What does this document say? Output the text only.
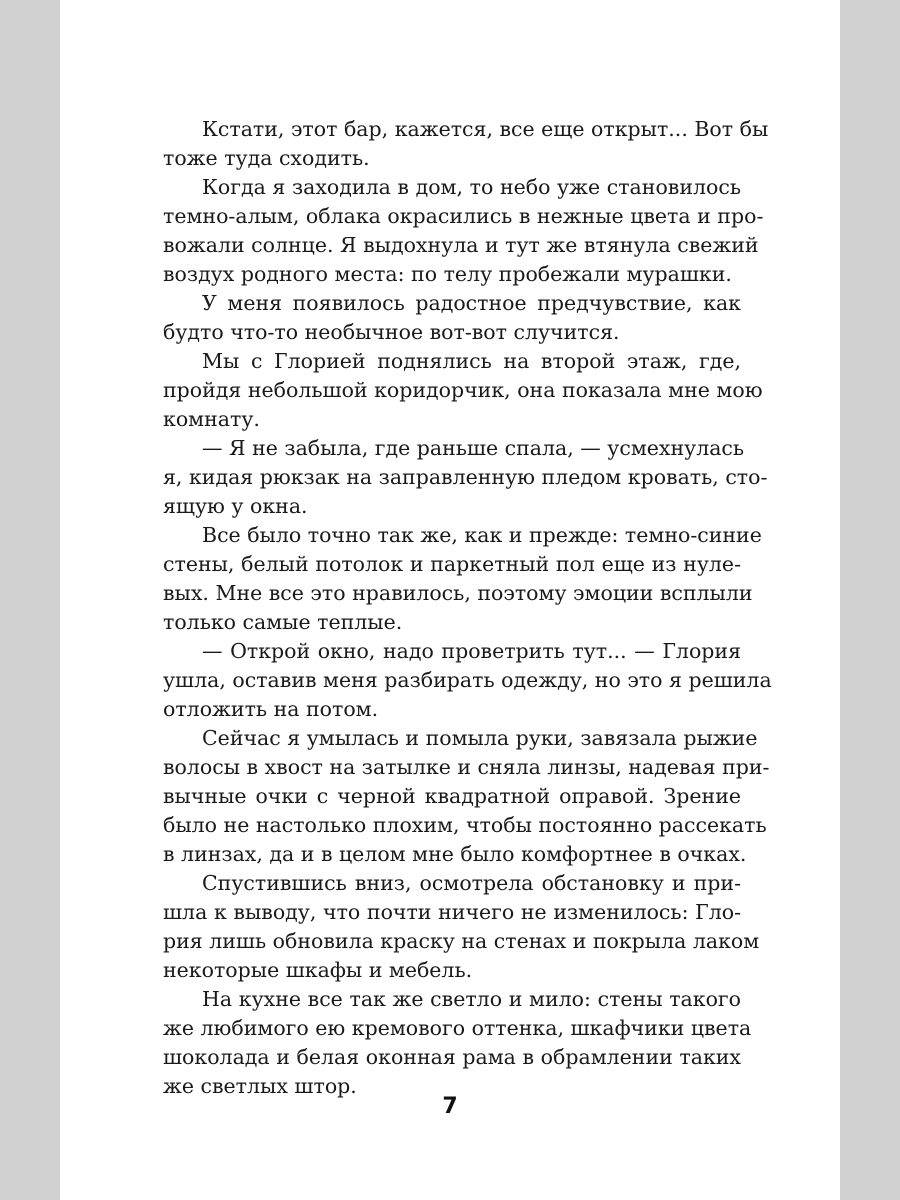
Кстати, этот бар, кажется, все еще открыт... Вот бы
тоже туда сходить.
Когда я заходила в дом, то небо уже становилось
темно-алым, облака окрасились в нежные цвета и про-
вожали солнце. Я выдохнула и тут же втянула свежий
воздух родного места: по телу пробежали мурашки.
У меня появилось радостное предчувствие, как
будто что-то необычное вот-вот случится.
Мы с Глорией поднялись на второй этаж, где,
пройдя небольшой коридорчик, она показала мне мою
комнату.
— Я не забыла, где раньше спала, — усмехнулась
я, кидая рюкзак на заправленную пледом кровать, сто-
ящую у окна.
Все было точно так же, как и прежде: темно-синие
стены, белый потолок и паркетный пол еще из нуле-
вых. Мне все это нравилось, поэтому эмоции всплыли
только самые теплые.
— Открой окно, надо проветрить тут... — Глория
ушла, оставив меня разбирать одежду, но это я решила
отложить на потом.
Сейчас я умылась и помыла руки, завязала рыжие
волосы в хвост на затылке и сняла линзы, надевая при-
вычные очки с черной квадратной оправой. Зрение
было не настолько плохим, чтобы постоянно рассекать
в линзах, да и в целом мне было комфортнее в очках.
Спустившись вниз, осмотрела обстановку и при-
шла к выводу, что почти ничего не изменилось: Гло-
рия лишь обновила краску на стенах и покрыла лаком
некоторые шкафы и мебель.
На кухне все так же светло и мило: стены такого
же любимого ею кремового оттенка, шкафчики цвета
шоколада и белая оконная рама в обрамлении таких
же светлых штор.
7
